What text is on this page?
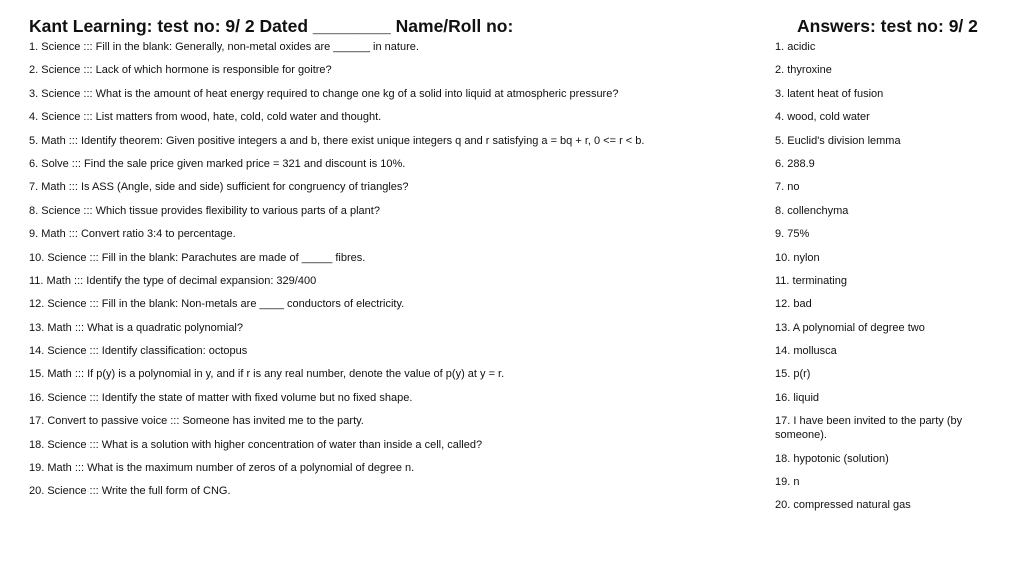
Kant Learning: test no: 9/ 2 Dated ________ Name/Roll no:	Answers: test no: 9/ 2
1. Science ::: Fill in the blank: Generally, non-metal oxides are ______ in nature.
2. Science ::: Lack of which hormone is responsible for goitre?
3. Science ::: What is the amount of heat energy required to change one kg of a solid into liquid at atmospheric pressure?
4. Science ::: List matters from wood, hate, cold, cold water and thought.
5. Math ::: Identify theorem: Given positive integers a and b, there exist unique integers q and r satisfying a = bq + r, 0 <= r < b.
6. Solve ::: Find the sale price given marked price = 321 and discount is 10%.
7. Math ::: Is ASS (Angle, side and side) sufficient for congruency of triangles?
8. Science ::: Which tissue provides flexibility to various parts of a plant?
9. Math ::: Convert ratio 3:4 to percentage.
10. Science ::: Fill in the blank: Parachutes are made of _____ fibres.
11. Math ::: Identify the type of decimal expansion: 329/400
12. Science ::: Fill in the blank: Non-metals are ____ conductors of electricity.
13. Math ::: What is a quadratic polynomial?
14. Science ::: Identify classification: octopus
15. Math ::: If p(y) is a polynomial in y, and if r is any real number, denote the value of p(y) at y = r.
16. Science ::: Identify the state of matter with fixed volume but no fixed shape.
17. Convert to passive voice ::: Someone has invited me to the party.
18. Science ::: What is a solution with higher concentration of water than inside a cell, called?
19. Math ::: What is the maximum number of zeros of a polynomial of degree n.
20. Science ::: Write the full form of CNG.
1. acidic
2. thyroxine
3. latent heat of fusion
4. wood, cold water
5. Euclid's division lemma
6. 288.9
7. no
8. collenchyma
9. 75%
10. nylon
11. terminating
12. bad
13. A polynomial of degree two
14. mollusca
15. p(r)
16. liquid
17. I have been invited to the party (by someone).
18. hypotonic (solution)
19. n
20. compressed natural gas
